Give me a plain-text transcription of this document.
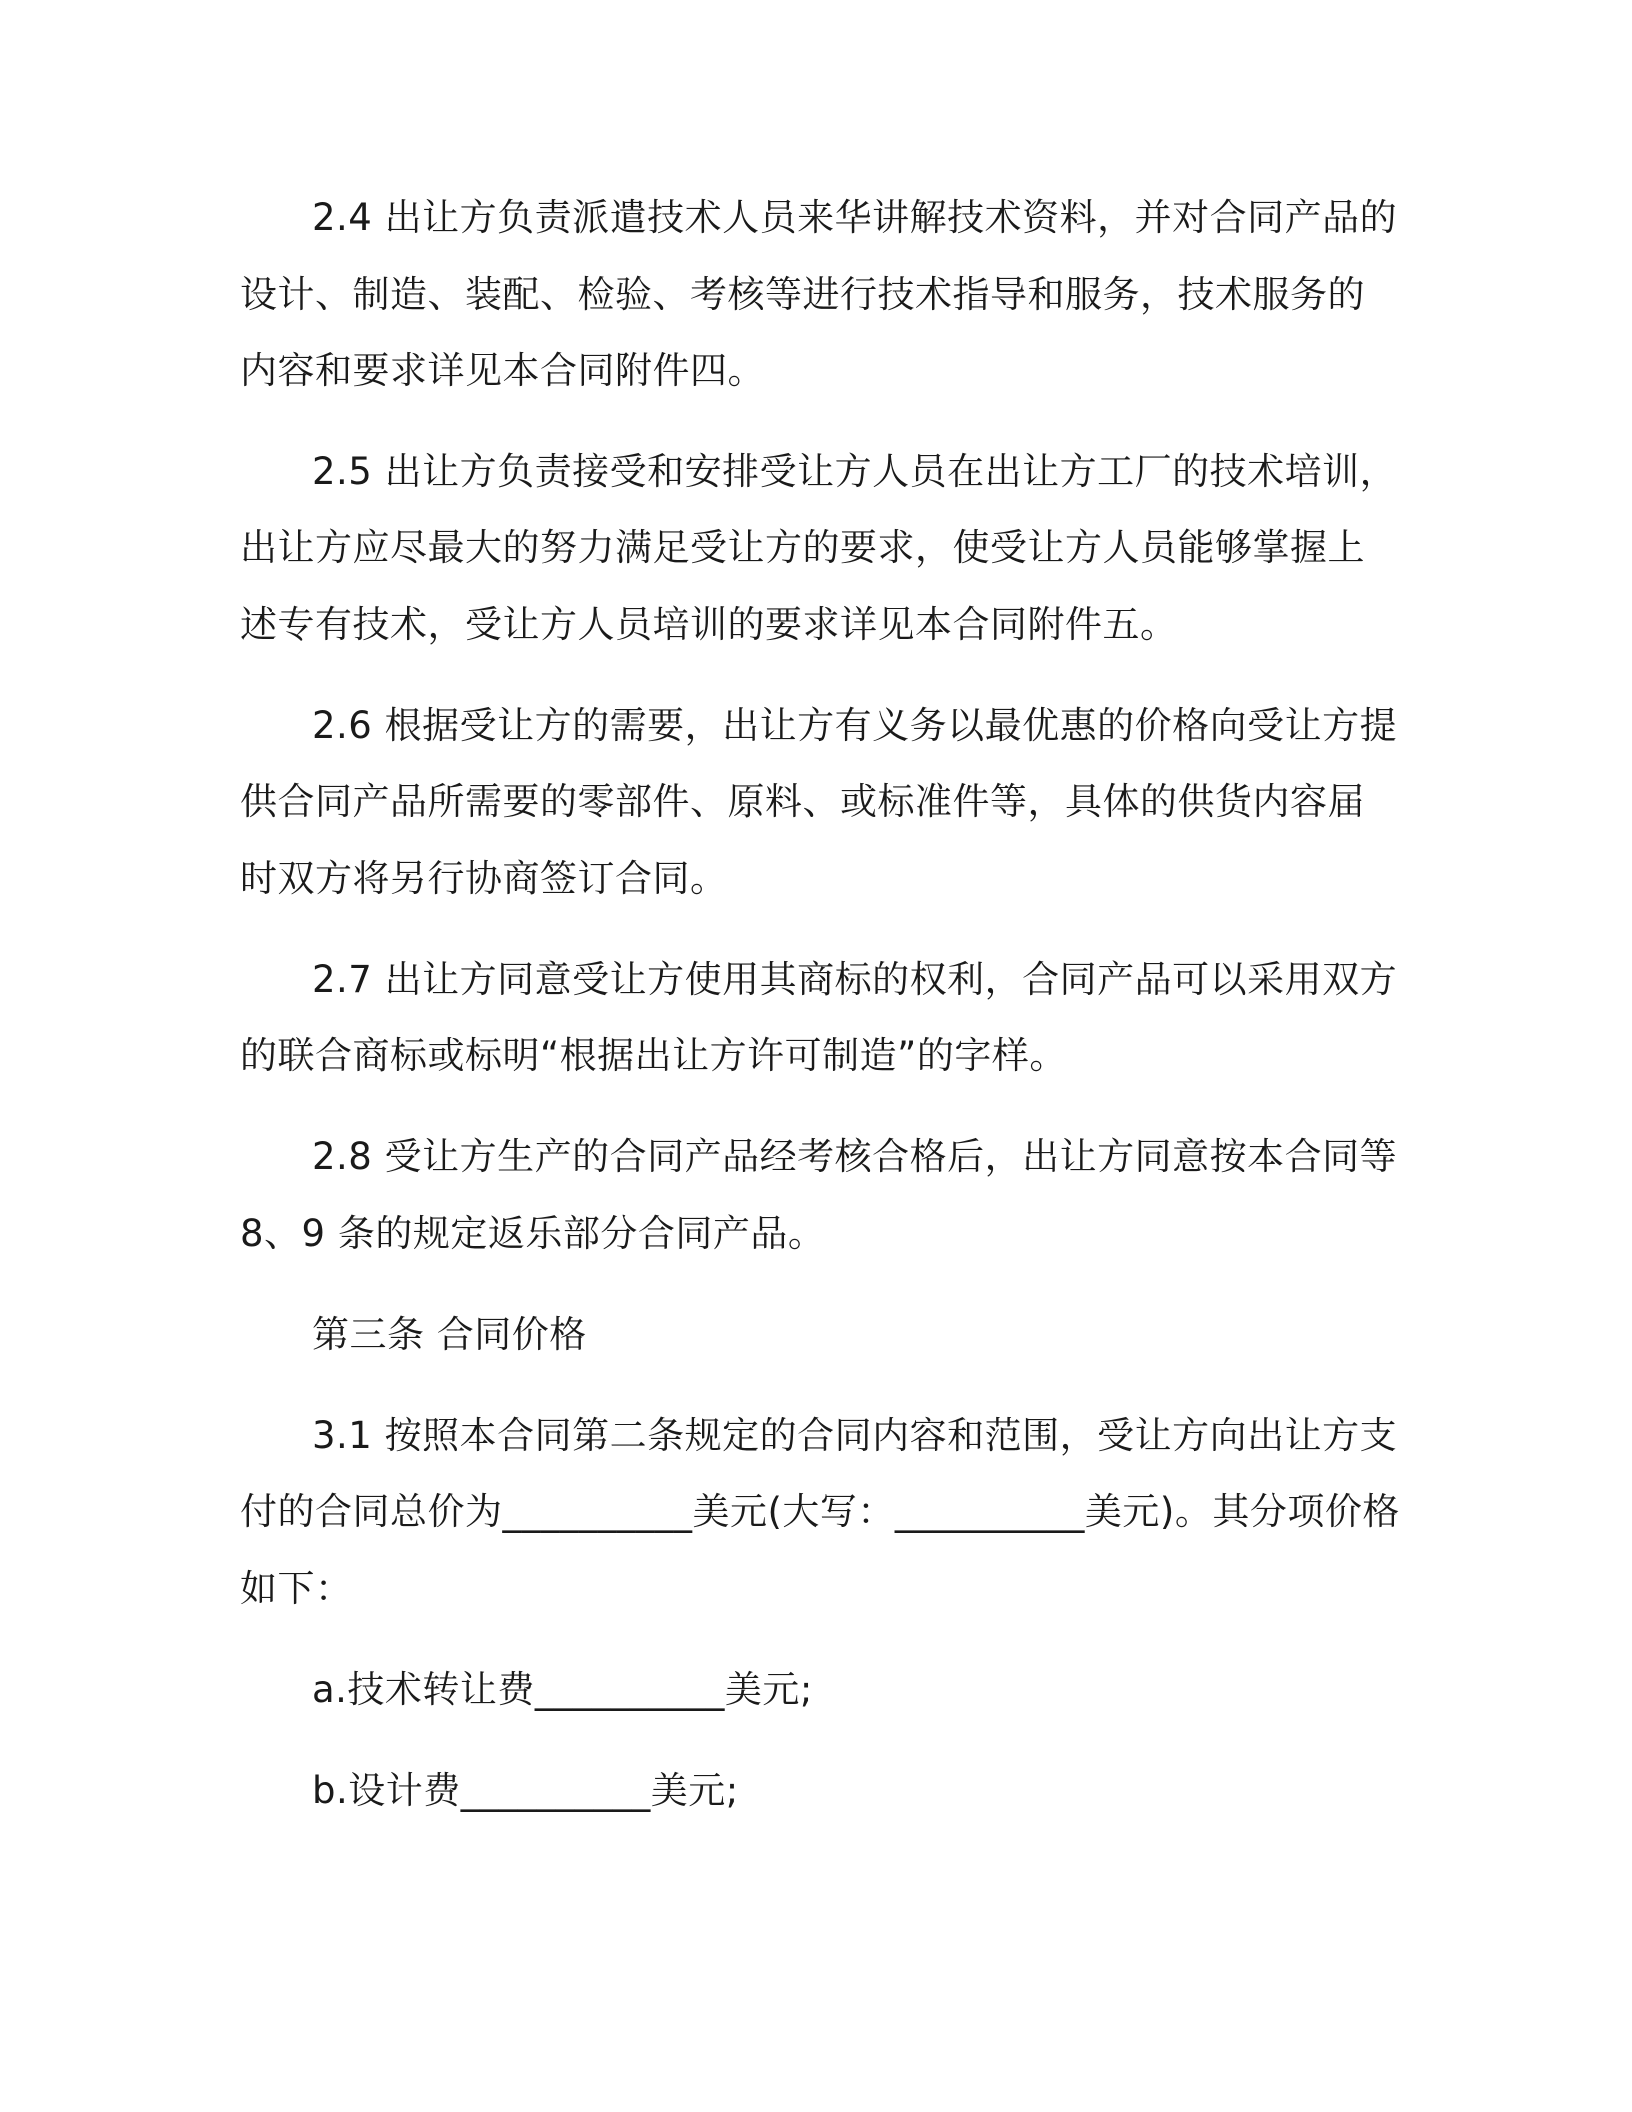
2.4 出让方负责派遣技术人员来华讲解技术资料，并对合同产品的
设计、制造、装配、检验、考核等进行技术指导和服务，技术服务的
内容和要求详见本合同附件四。
2.5 出让方负责接受和安排受让方人员在出让方工厂的技术培训，
出让方应尽最大的努力满足受让方的要求，使受让方人员能够掌握上
述专有技术，受让方人员培训的要求详见本合同附件五。
2.6 根据受让方的需要，出让方有义务以最优惠的价格向受让方提
供合同产品所需要的零部件、原料、或标准件等，具体的供货内容届
时双方将另行协商签订合同。
2.7 出让方同意受让方使用其商标的权利，合同产品可以采用双方
的联合商标或标明“根据出让方许可制造”的字样。
2.8 受让方生产的合同产品经考核合格后，出让方同意按本合同等
8、9 条的规定返乐部分合同产品。
第三条 合同价格
3.1 按照本合同第二条规定的合同内容和范围，受让方向出让方支
付的合同总价为__________美元(大写：__________美元)。其分项价格
如下：
a.技术转让费__________美元;
b.设计费__________美元;
